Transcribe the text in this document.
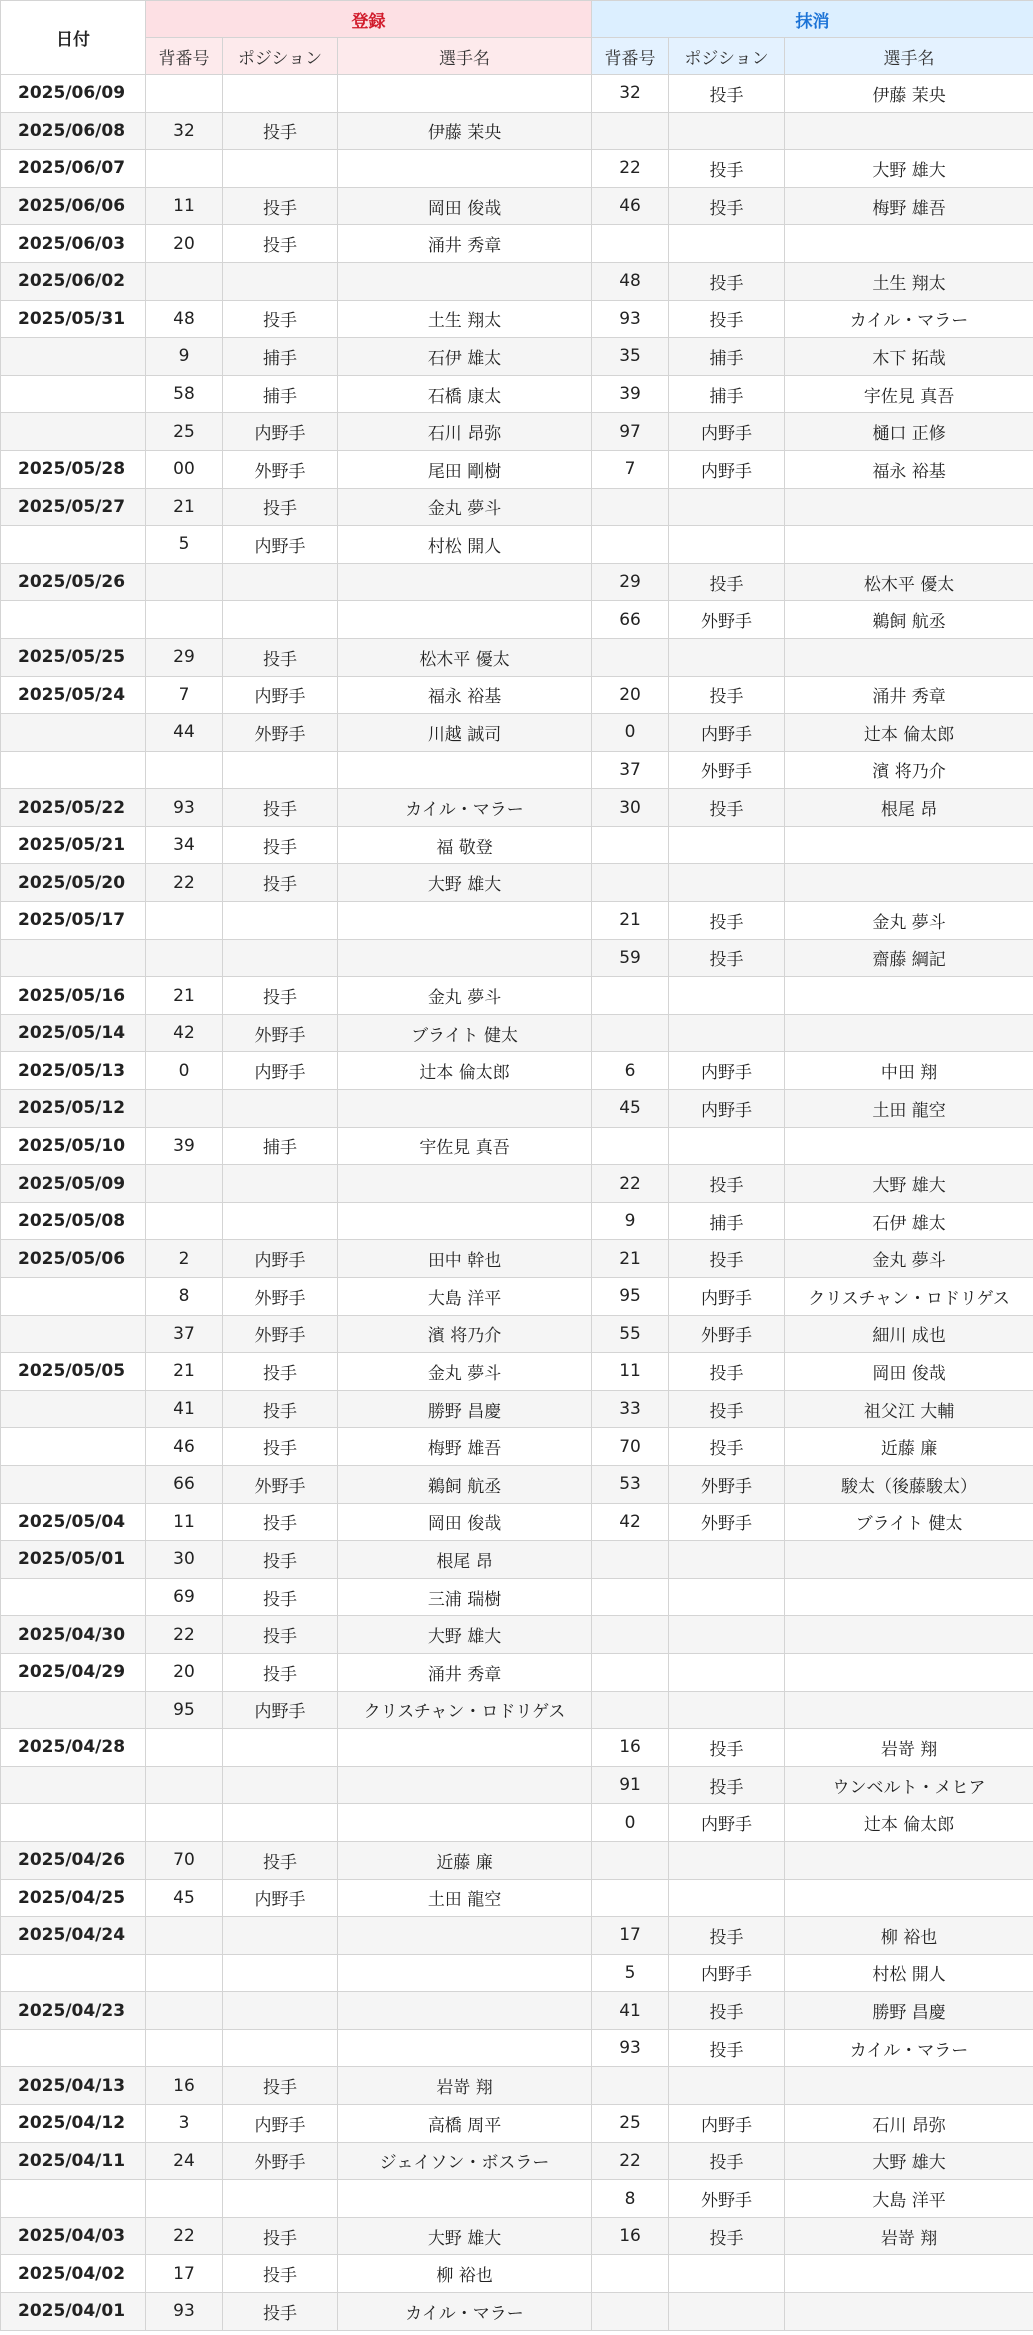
日付	登録			抹消		
	背番号	ポジション	選手名	背番号	ポジション	選手名
2025/06/09				32	投手	伊藤 茉央
2025/06/08	32	投手	伊藤 茉央			
2025/06/07				22	投手	大野 雄大
2025/06/06	11	投手	岡田 俊哉	46	投手	梅野 雄吾
2025/06/03	20	投手	涌井 秀章			
2025/06/02				48	投手	土生 翔太
2025/05/31	48	投手	土生 翔太	93	投手	カイル・マラー
	9	捕手	石伊 雄太	35	捕手	木下 拓哉
	58	捕手	石橋 康太	39	捕手	宇佐見 真吾
	25	内野手	石川 昂弥	97	内野手	樋口 正修
2025/05/28	00	外野手	尾田 剛樹	7	内野手	福永 裕基
2025/05/27	21	投手	金丸 夢斗			
	5	内野手	村松 開人			
2025/05/26				29	投手	松木平 優太
				66	外野手	鵜飼 航丞
2025/05/25	29	投手	松木平 優太			
2025/05/24	7	内野手	福永 裕基	20	投手	涌井 秀章
	44	外野手	川越 誠司	0	内野手	辻本 倫太郎
				37	外野手	濱 将乃介
2025/05/22	93	投手	カイル・マラー	30	投手	根尾 昂
2025/05/21	34	投手	福 敬登			
2025/05/20	22	投手	大野 雄大			
2025/05/17				21	投手	金丸 夢斗
				59	投手	齋藤 綱記
2025/05/16	21	投手	金丸 夢斗			
2025/05/14	42	外野手	ブライト 健太			
2025/05/13	0	内野手	辻本 倫太郎	6	内野手	中田 翔
2025/05/12				45	内野手	土田 龍空
2025/05/10	39	捕手	宇佐見 真吾			
2025/05/09				22	投手	大野 雄大
2025/05/08				9	捕手	石伊 雄太
2025/05/06	2	内野手	田中 幹也	21	投手	金丸 夢斗
	8	外野手	大島 洋平	95	内野手	クリスチャン・ロドリゲス
	37	外野手	濱 将乃介	55	外野手	細川 成也
2025/05/05	21	投手	金丸 夢斗	11	投手	岡田 俊哉
	41	投手	勝野 昌慶	33	投手	祖父江 大輔
	46	投手	梅野 雄吾	70	投手	近藤 廉
	66	外野手	鵜飼 航丞	53	外野手	駿太（後藤駿太）
2025/05/04	11	投手	岡田 俊哉	42	外野手	ブライト 健太
2025/05/01	30	投手	根尾 昂			
	69	投手	三浦 瑞樹			
2025/04/30	22	投手	大野 雄大			
2025/04/29	20	投手	涌井 秀章			
	95	内野手	クリスチャン・ロドリゲス			
2025/04/28				16	投手	岩嵜 翔
				91	投手	ウンベルト・メヒア
				0	内野手	辻本 倫太郎
2025/04/26	70	投手	近藤 廉			
2025/04/25	45	内野手	土田 龍空			
2025/04/24				17	投手	柳 裕也
				5	内野手	村松 開人
2025/04/23				41	投手	勝野 昌慶
				93	投手	カイル・マラー
2025/04/13	16	投手	岩嵜 翔			
2025/04/12	3	内野手	高橋 周平	25	内野手	石川 昂弥
2025/04/11	24	外野手	ジェイソン・ボスラー	22	投手	大野 雄大
				8	外野手	大島 洋平
2025/04/03	22	投手	大野 雄大	16	投手	岩嵜 翔
2025/04/02	17	投手	柳 裕也			
2025/04/01	93	投手	カイル・マラー			
